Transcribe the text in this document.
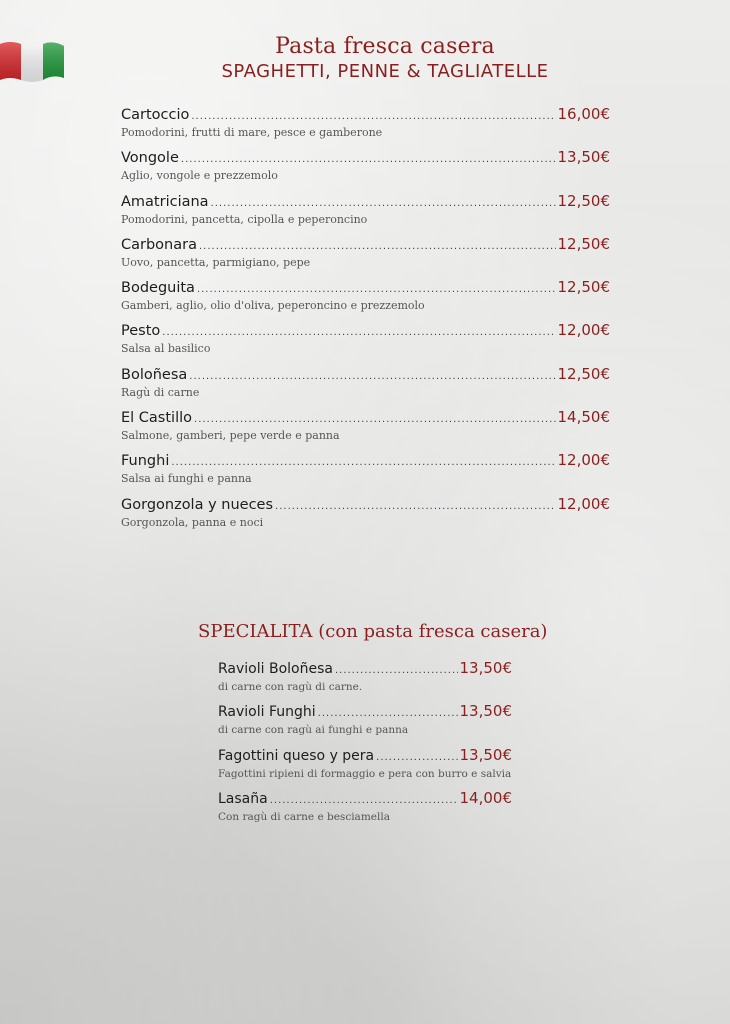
Pasta fresca casera
SPAGHETTI, PENNE & TAGLIATELLE
Cartoccio .....	16,00€
Pomodorini, frutti di mare, pesce e gamberone
Vongole .....	13,50€
Aglio, vongole e prezzemolo
Amatriciana .....	12,50€
Pomodorini, pancetta, cipolla e peperoncino
Carbonara .....	12,50€
Uovo, pancetta, parmigiano, pepe
Bodeguita .....	12,50€
Gamberi, aglio, olio d'oliva, peperoncino e prezzemolo
Pesto .....	12,00€
Salsa al basilico
Boloñesa .....	12,50€
Ragù di carne
El Castillo .....	14,50€
Salmone, gamberi, pepe verde e panna
Funghi .....	12,00€
Salsa ai funghi e panna
Gorgonzola y nueces .....	12,00€
Gorgonzola, panna e noci
SPECIALITA (con pasta fresca casera)
Ravioli Boloñesa .....	13,50€
di carne con ragù di carne.
Ravioli Funghi .....	13,50€
di carne con ragù ai funghi e panna
Fagottini queso y pera .....	13,50€
Fagottini ripieni di formaggio e pera con burro e salvia
Lasaña .....	14,00€
Con ragù di carne e besciamella
